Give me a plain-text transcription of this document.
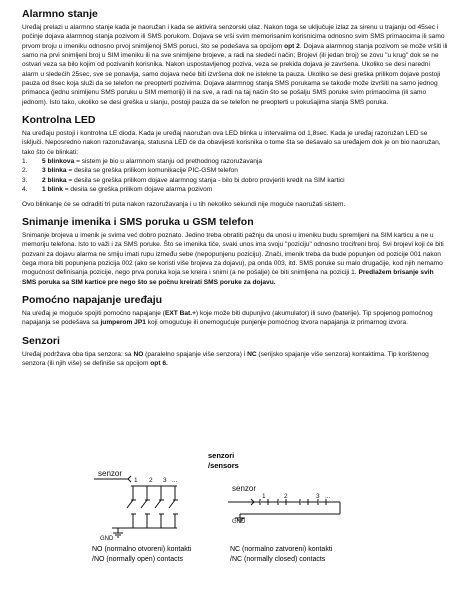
Alarmno stanje

Uređaj prelazi u alarmno stanje kada je naoružan i kada se aktivira senzorski ulaz. Nakon toga se uključuje izlaz za sirenu u trajanju od 45sec i počinje dojava alarmnog stanja pozivom ili SMS porukom. Dojava se vrši svim memorisanim korisnicima odnosno svim SMS primaocima ili samo prvom broju u imeniku odnosno prvoj snimljenoj SMS poruci, što se podešava sa opcijom opt 2. Dojava alarmnog stanja pozivom se može vršiti ili samo na prvi snimljeni broj u SIM imeniku ili na sve snimljene brojeve, a radi na sledeći način; Brojevi (ili jedan broj) se zovu "u krug" dok se ne ostvari veza sa bilo kojim od pozivanih korisnika. Nakon uspostavljenog poziva, veza se prekida dojava je završena. Ukoliko se desi naredni alarm u sledećih 25sec, sve se ponavlja, samo dojava neće biti izvršena dok ne istekne ta pauza. Ukoliko se desi greška prilikom dojave postoji pauza od 8sec koja služi da se telefon ne preopterti pozivima. Dojava alarmnog stanja SMS porukama se takođe može izvršiti na samo jednog primaoca (jednu snimljenu SMS poruku u SIM memoriji) ili na sve, a radi na taj način što se pošalju SMS poruke svim primaocima (ili samo jednom). Isto tako, ukoliko se desi greška u slanju, postoji pauza da se telefon ne preopterti u pokušajima slanja SMS poruka.

Kontrolna LED

Na uređaju postoji i kontrolna LE dioda. Kada je uređaj naoružan ova LED blinka u intervalima od 1,8sec. Kada je uređaj razoružan LED se isključi. Neposredno nakon razoružavanja, statusna LED će da obavijesti korisnika o tome šta se dešavalo sa uređajem dok je on bio naoružan, tako što će blinkati:

1.	5 blinkova = sistem je bio u alarmnom stanju od prethodnog razoružavanja
2.	3 blinka = desila se greška prilikom komunikacije PIC-GSM telefon
3.	2 blinka = desila se greška prilikom dojave alarmnog stanja - bilo bi dobro provjeriti kredit na SIM kartici
4.	1 blink = desila se greška prilikom dojave alarma pozivom

Ovo blinkanje će se odraditi tri puta nakon razoružavanja i u tih nekoliko sekundi nije moguće naoružati sistem.

Snimanje imenika i SMS poruka u GSM telefon

Snimanje brojeva u imenik je svima već dobro poznato. Jedino treba obratiti pažnju da unosi u imeniku budu spremljeni na SIM karticu a ne u memoriju telefona. Isto to važi i za SMS poruke. Što se imenika tiče, svaki unos ima svoju "poziciju" odnosno trocifreni broj. Svi brojevi koji će biti pozvani za dojavu alarma ne smiju imati rupu između sebe (nepopunjenu poziciju). Znači, imenik treba da bude popunjen od pozicije 001 nakon čega mora biti popunjena pozicija 002 (ako se koristi više brojeva za dojavu), pa onda 003, itd. SMS poruke su malo drugačije, kod njih nemamo mogućnost definisanja pozicije, nego prva poruka koja se kreira i snimi (a ne pošalje) će biti snimljena na poziciji 1. Predlažem brisanje svih SMS poruka sa SIM kartice pre nego što se počnu kreirati SMS poruke za dojavu.

Pomoćno napajanje uređaju

Na uređaj je moguće spojiti pomoćno napajanje (EXT Bat.+) koje može biti dupunjivo (akumulator) ili suvo (baterije). Tip spojenog pomoćnog napajanja se podešava sa jumperom JP1 koji omogućuje ili onemogućuje punjenje pomoćnog izvora napajanja iz primarnog izvora.

Senzori

Uređaj podržava oba tipa senzora: sa NO (paralelno spajanje više senzora) i NC (serijsko spajanje više senzora) kontaktima. Tip korištenog senzora (ili njih više) se definiše sa opcijom opt 6.

senzori
/sensors
senzor
GND
1 2 3 ...
NO (normalno otvoreni) kontakti
/NO (normally open) contacts
senzor
GND
1	2	3 ...
NC (normalno zatvoreni) kontakti
/NC (normally closed) contacts
